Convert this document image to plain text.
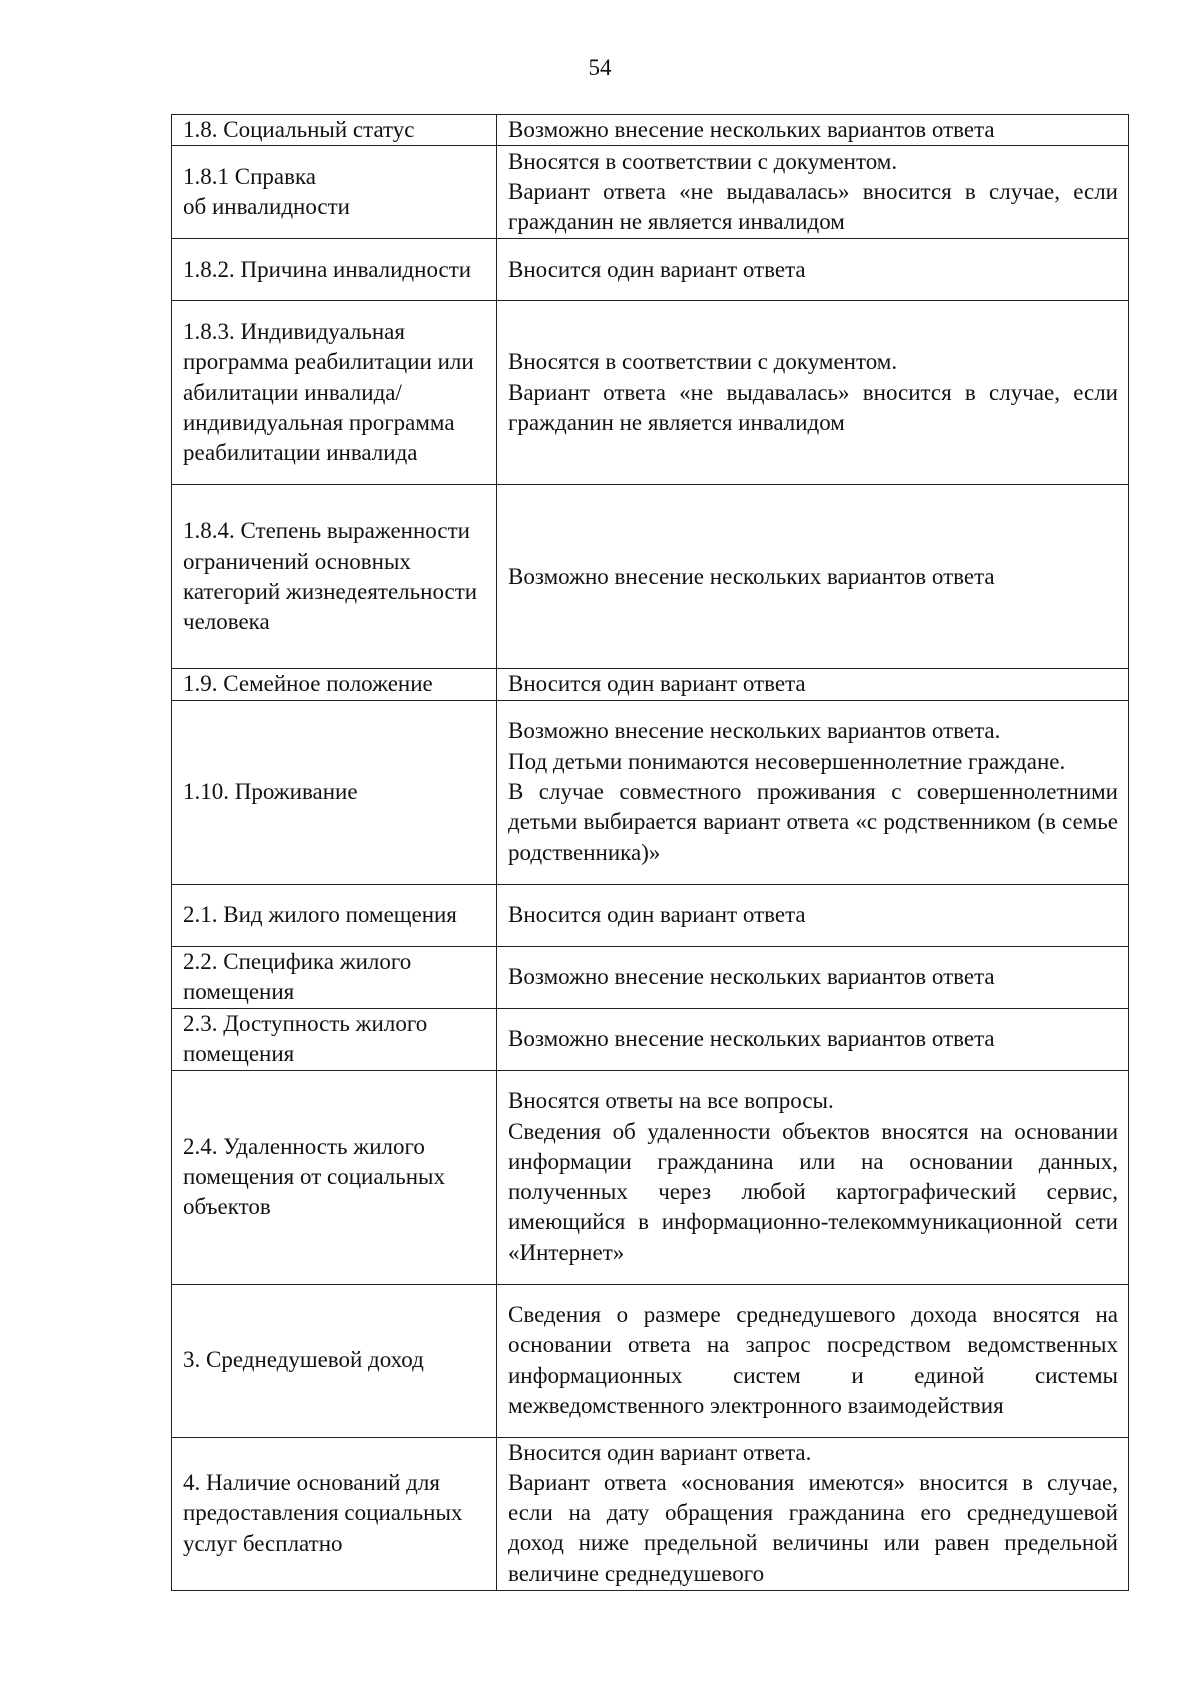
54
1.8. Социальный статус	Возможно внесение нескольких вариантов ответа

1.8.1 Справка
об инвалидности	Вносятся в соответствии с документом.
Вариант ответа «не выдавалась» вносится в случае, если гражданин не является инвалидом

1.8.2. Причина инвалидности	Вносится один вариант ответа

1.8.3. Индивидуальная программа реабилитации или абилитации инвалида/индивидуальная программа реабилитации инвалида	Вносятся в соответствии с документом.
Вариант ответа «не выдавалась» вносится в случае, если гражданин не является инвалидом

1.8.4. Степень выраженности ограничений основных категорий жизнедеятельности человека	Возможно внесение нескольких вариантов ответа

1.9. Семейное положение	Вносится один вариант ответа

1.10. Проживание	Возможно внесение нескольких вариантов ответа.
Под детьми понимаются несовершеннолетние граждане.
В случае совместного проживания с совершеннолетними детьми выбирается вариант ответа «с родственником (в семье родственника)»

2.1. Вид жилого помещения	Вносится один вариант ответа

2.2. Специфика жилого помещения	Возможно внесение нескольких вариантов ответа

2.3. Доступность жилого помещения	Возможно внесение нескольких вариантов ответа

2.4. Удаленность жилого помещения от социальных объектов	Вносятся ответы на все вопросы.
Сведения об удаленности объектов вносятся на основании информации гражданина или на основании данных, полученных через любой картографический сервис, имеющийся в информационно-телекоммуникационной сети «Интернет»

3. Среднедушевой доход	Сведения о размере среднедушевого дохода вносятся на основании ответа на запрос посредством ведомственных информационных систем и единой системы межведомственного электронного взаимодействия

4. Наличие оснований для предоставления социальных услуг бесплатно	Вносится один вариант ответа.
Вариант ответа «основания имеются» вносится в случае, если на дату обращения гражданина его среднедушевой доход ниже предельной величины или равен предельной величине среднедушевого
